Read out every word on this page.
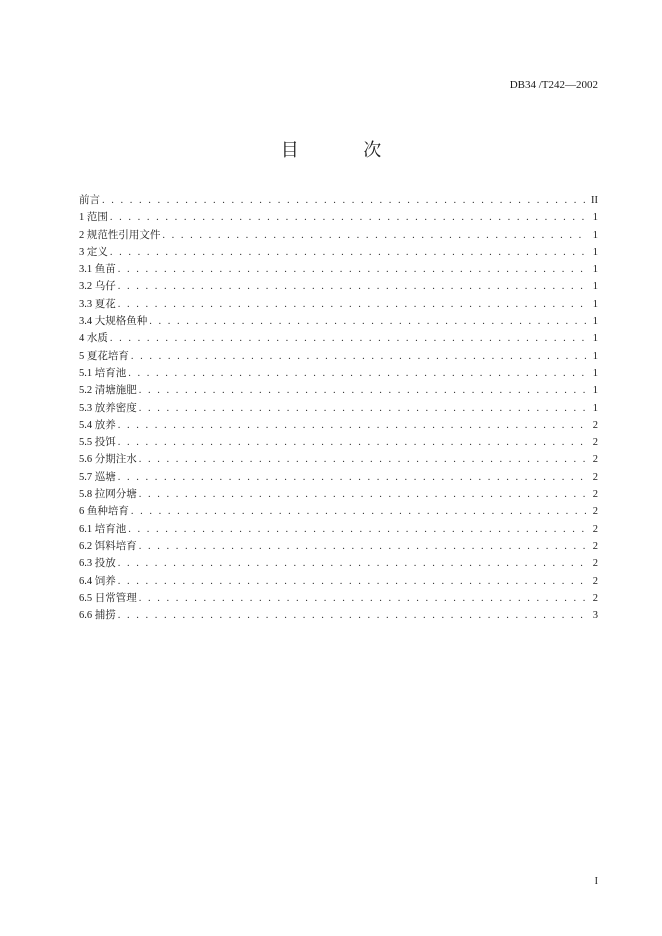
DB34 /T242—2002
目 次
前言 . . .	II
1 范围 . . .	1
2 规范性引用文件 . . .	1
3 定义 . . .	1
3.1 鱼苗 . . .	1
3.2 乌仔 . . .	1
3.3 夏花 . . .	1
3.4 大规格鱼种 . . .	1
4 水质 . . .	1
5 夏花培育 . . .	1
5.1 培育池 . . .	1
5.2 清塘施肥 . . .	1
5.3 放养密度 . . .	1
5.4 放养 . . .	2
5.5 投饵 . . .	2
5.6 分期注水 . . .	2
5.7 巡塘 . . .	2
5.8 拉网分塘 . . .	2
6 鱼种培育 . . .	2
6.1 培育池 . . .	2
6.2 饵料培育 . . .	2
6.3 投放 . . .	2
6.4 饲养 . . .	2
6.5 日常管理 . . .	2
6.6 捕捞 . . .	3
I
